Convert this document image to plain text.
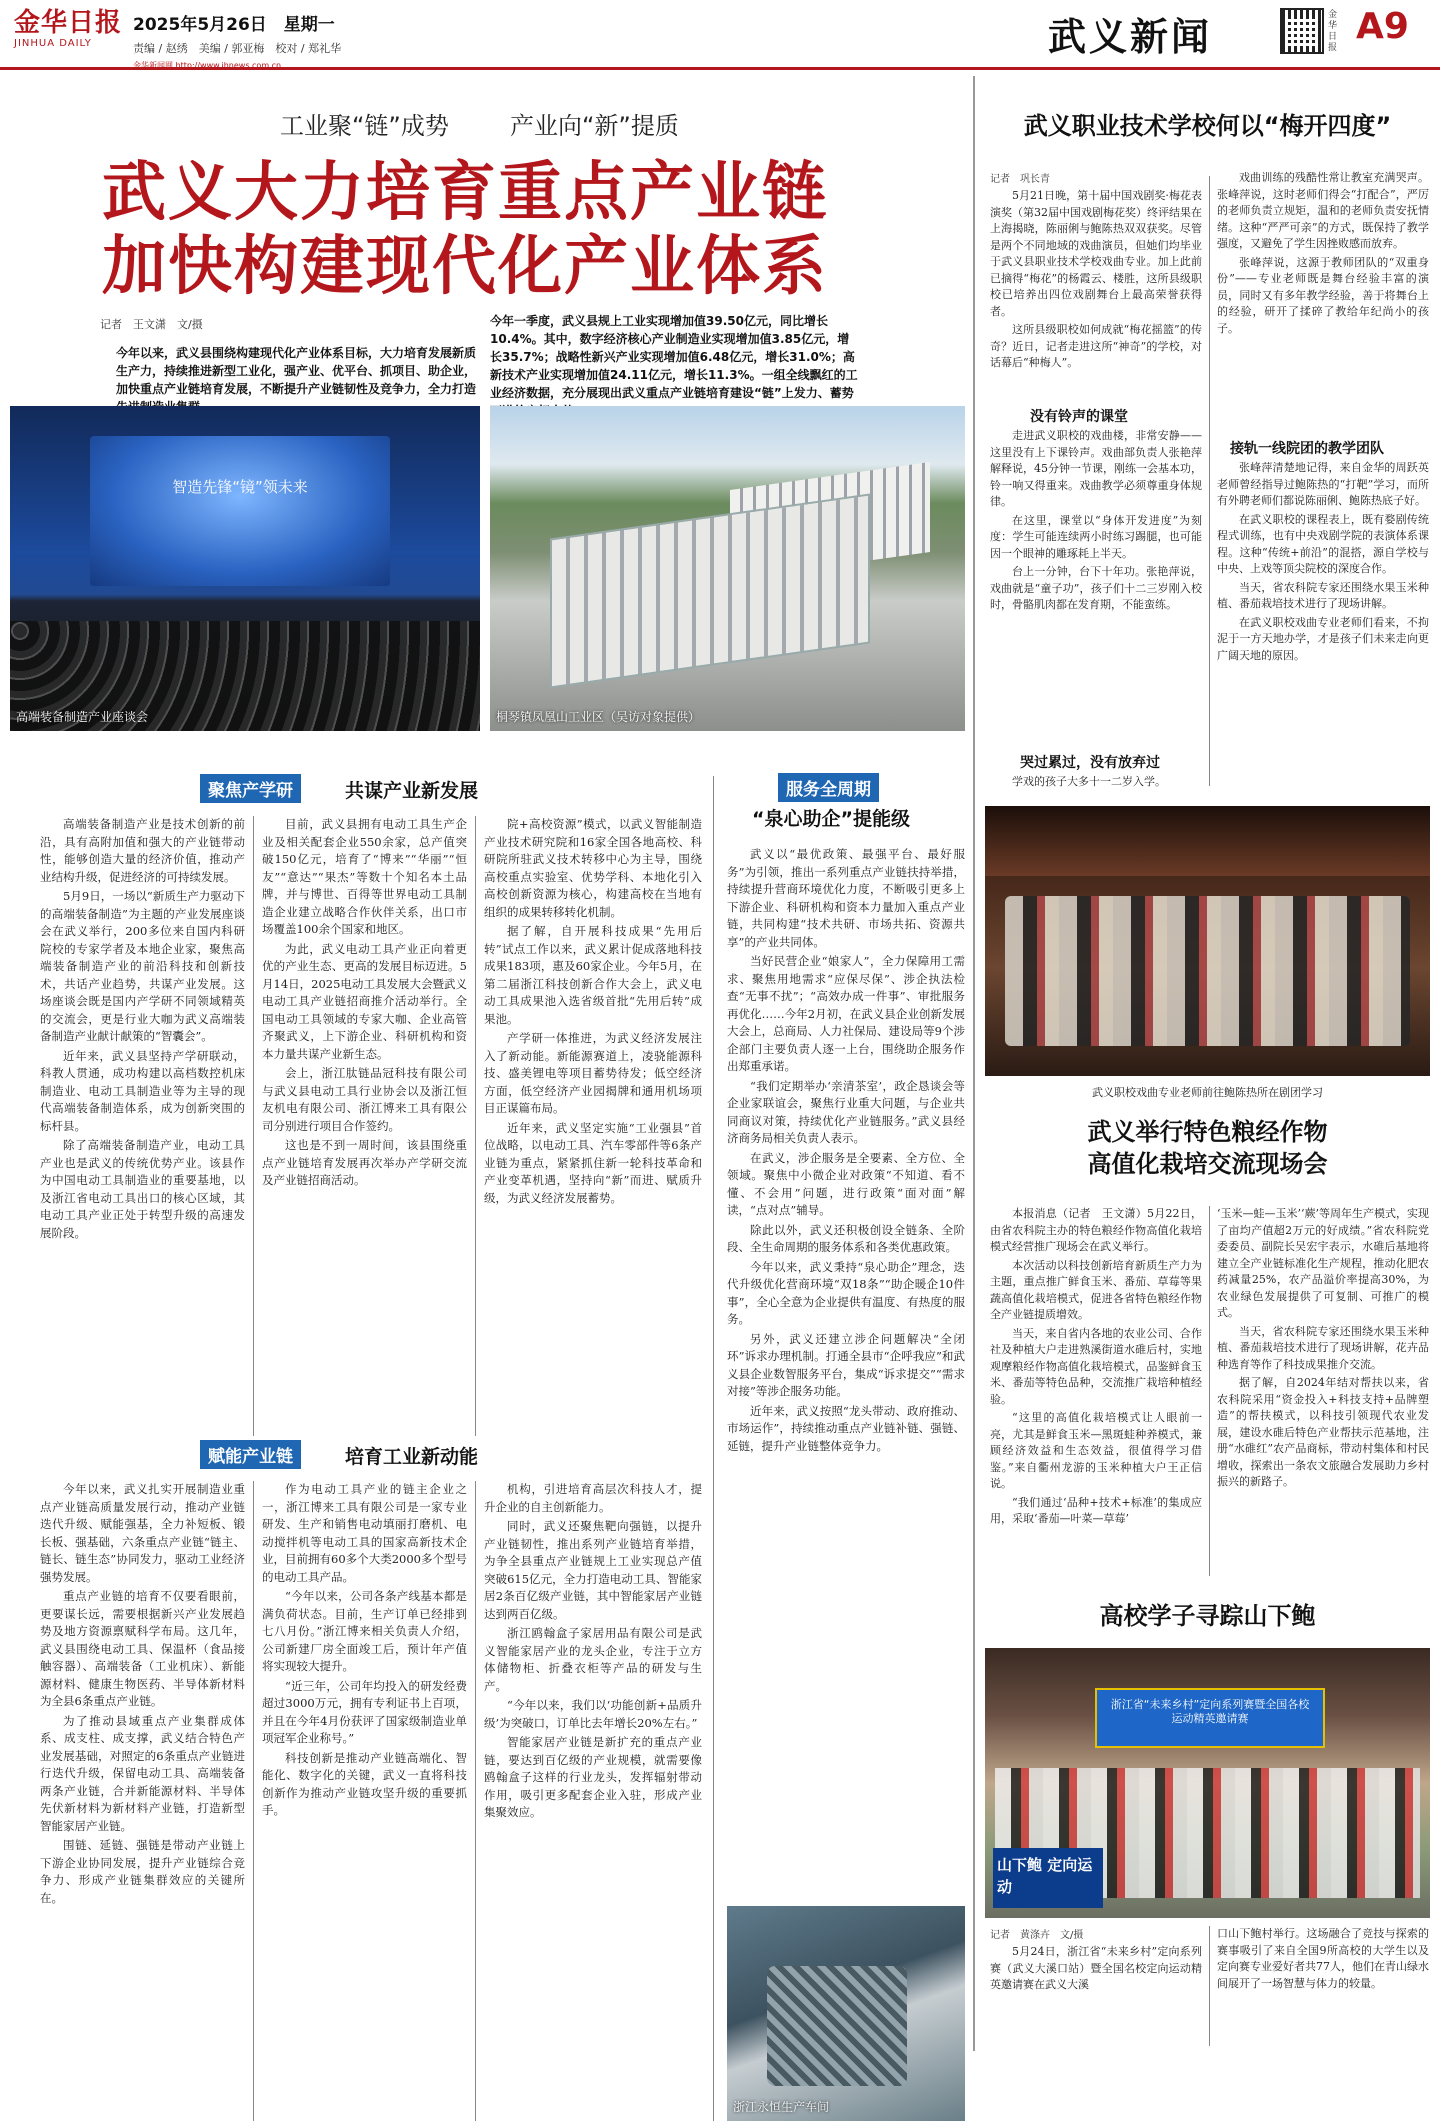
金华日报
JINHUA DAILY
2025年5月26日　星期一
责编 / 赵绣　美编 / 郭亚梅　校对 / 郑礼华
金华新闻网 http://www.jhnews.com.cn
武义新闻	金华日报
A9
工业聚“链”成势	产业向“新”提质
武义大力培育重点产业链
加快构建现代化产业体系
记者　王文潇　文/摄
今年以来，武义县围绕构建现代化产业体系目标，大力培育发展新质生产力，持续推进新型工业化，强产业、优平台、抓项目、助企业，加快重点产业链培育发展，不断提升产业链韧性及竞争力，全力打造
今年一季度，武义县规上工业实现增加值39.50亿元，同比增长10.4%。其中，数字经济核心产业制造业实现增加值3.85亿元，增长35.7%；战略性新兴产业实现增加值6.48亿元，增长31.0%；高新技术产业实现增加值24.11亿元，增长11.3%。一组全线飘红的工业经济数据，充分展现出武义重点产业链培育建设“链”上发力、蓄势
智造先锋“镜”领未来
高端装备制造产业座谈会	桐琴镇凤凰山工业区（吴访对象提供）
聚焦产学研	共谋产业新发展

高端装备制造产业是技术创新的前沿，具有高附加值和强大的产业链带动性，能够创造大量的经济价值，推动产业结构升级，促进经济的可持续发展。

5月9日，一场以“新质生产力驱动下的高端装备制造”为主题的产业发展座谈会在武义举行，200多位来自国内科研院校的专家学者及本地企业家，聚焦高端装备制造产业的前沿科技和创新技术，共话产业趋势，共谋产业发展。这场座谈会既是国内产学研不同领域精英的交流会，更是行业大咖为武义高端装备制造产业献计献策的“智囊会”。

近年来，武义县坚持产学研联动，科教人贯通，成功构建以高档数控机床制造业、电动工具制造业等为主导的现代高端装备制造体系，成为创新突围的标杆县。

除了高端装备制造产业，电动工具产业也是武义的传统优势产业。该县作为中国电动工具制造业的重要基地，以及浙江省电动工具出口的核心区域，其电动工具产业正处于转型升级的高速发展阶段。

目前，武义县拥有电动工具生产企业及相关配套企业550余家，总产值突破150亿元，培育了“博来”“华丽”“恒友”“意达”“果杰”等数十个知名本土品牌，并与博世、百得等世界电动工具制造企业建立战略合作伙伴关系，出口市场覆盖100余个国家和地区。

为此，武义电动工具产业正向着更优的产业生态、更高的发展目标迈进。5月14日，2025电动工具发展大会暨武义电动工具产业链招商推介活动举行。全国电动工具领域的专家大咖、企业高管齐聚武义，上下游企业、科研机构和资本力量共谋产业新生态。

会上，浙江肽链品冠科技有限公司与武义县电动工具行业协会以及浙江恒友机电有限公司、浙江博来工具有限公司分别进行项目合作签约。

这也是不到一周时间，该县围绕重点产业链培育发展再次举办产学研交流及产业链招商活动。

院+高校资源”模式，以武义智能制造产业技术研究院和16家全国各地高校、科研院所驻武义技术转移中心为主导，围绕高校重点实验室、优势学科、本地化引入高校创新资源为核心，构建高校在当地有组织的成果转移转化机制。

据了解，自开展科技成果“先用后转”试点工作以来，武义累计促成落地科技成果183项，惠及60家企业。今年5月，在第二届浙江科技创新合作大会上，武义电动工具成果池入选省级首批“先用后转”成果池。

产学研一体推进，为武义经济发展注入了新动能。新能源赛道上，凌骁能源科技、盛美锂电等项目蓄势待发；低空经济方面，低空经济产业园揭牌和通用机场项目正谋篇布局。

近年来，武义坚定实施“工业强县”首位战略，以电动工具、汽车零部件等6条产业链为重点，紧紧抓住新一轮科技革命和产业变革机遇，坚持向“新”而进、赋质升级，为武义经济发展蓄势。

服务全周期
“泉心助企”提能级

武义以“最优政策、最强平台、最好服务”为引领，推出一系列重点产业链扶持举措，持续提升营商环境优化力度，不断吸引更多上下游企业、科研机构和资本力量加入重点产业链，共同构建“技术共研、市场共拓、资源共享”的产业共同体。

当好民营企业“娘家人”，全力保障用工需求、聚焦用地需求“应保尽保”、涉企执法检查“无事不扰”；“高效办成一件事”、审批服务再优化……今年2月初，在武义县企业创新发展大会上，总商局、人力社保局、建设局等9个涉企部门主要负责人逐一上台，围绕助企服务作出郑重承诺。

“我们定期举办‘亲清茶室’，政企恳谈会等企业家联谊会，聚焦行业重大问题，与企业共同商议对策，持续优化产业链服务。”武义县经济商务局相关负责人表示。

在武义，涉企服务是全要素、全方位、全领域。聚焦中小微企业对政策“不知道、看不懂、不会用”问题，进行政策“面对面”解读，“点对点”辅导。

除此以外，武义还积极创设全链条、全阶段、全生命周期的服务体系和各类优惠政策。

今年以来，武义秉持“泉心助企”理念，迭代升级优化营商环境“双18条”“助企暖企10件事”，全心全意为企业提供有温度、有热度的服务。

另外，武义还建立涉企问题解决“全闭环”诉求办理机制。打通全县市“企呼我应”和武义县企业数智服务平台，集成“诉求提交”“需求对接”等涉企服务功能。

近年来，武义按照“龙头带动、政府推动、市场运作”，持续推动重点产业链补链、强链、延链，提升产业链整体竞争力。

浙江永恒生产车间
赋能产业链	培育工业新动能

今年以来，武义扎实开展制造业重点产业链高质量发展行动，推动产业链迭代升级、赋能强基，全力补短板、锻长板、强基础，六条重点产业链“链主、链长、链生态”协同发力，驱动工业经济强势发展。

重点产业链的培育不仅要看眼前，更要谋长远，需要根据新兴产业发展趋势及地方资源禀赋科学布局。这几年，武义县围绕电动工具、保温杯（食品接触容器）、高端装备（工业机床）、新能源材料、健康生物医药、半导体新材料为全县6条重点产业链。

为了推动县域重点产业集群成体系、成支柱、成支撑，武义结合特色产业发展基础，对照定的6条重点产业链进行迭代升级，保留电动工具、高端装备两条产业链，合并新能源材料、半导体先伏新材料为新材料产业链，打造新型智能家居产业链。

围链、延链、强链是带动产业链上下游企业协同发展，提升产业链综合竞争力、形成产业链集群效应的关键所在。

作为电动工具产业的链主企业之一，浙江博来工具有限公司是一家专业研发、生产和销售电动填丽打磨机、电动搅拌机等电动工具的国家高新技术企业，目前拥有60多个大类2000多个型号的电动工具产品。

“今年以来，公司各条产线基本都是满负荷状态。目前，生产订单已经排到七八月份。”浙江博来相关负责人介绍，公司新建厂房全面竣工后，预计年产值将实现较大提升。

“近三年，公司年均投入的研发经费超过3000万元，拥有专利证书上百项，并且在今年4月份获评了国家级制造业单项冠军企业称号。”

科技创新是推动产业链高端化、智能化、数字化的关键，武义一直将科技创新作为推动产业链攻坚升级的重要抓手。

机构，引进培育高层次科技人才，提升企业的自主创新能力。

同时，武义还聚焦靶向强链，以提升产业链韧性，推出系列产业链培育举措，为争全县重点产业链规上工业实现总产值突破615亿元，全力打造电动工具、智能家居2条百亿级产业链，其中智能家居产业链达到两百亿级。

浙江鸥翰盒子家居用品有限公司是武义智能家居产业的龙头企业，专注于立方体储物柜、折叠衣柜等产品的研发与生产。

“今年以来，我们以‘功能创新+品质升级’为突破口，订单比去年增长20%左右。”

智能家居产业链是新扩充的重点产业链，要达到百亿级的产业规模，就需要像鸥翰盒子这样的行业龙头，发挥辐射带动作用，吸引更多配套企业入驻，形成产业集聚效应。

武义职业技术学校何以“梅开四度”
记者　巩长青

5月21日晚，第十届中国戏剧奖·梅花表演奖（第32届中国戏剧梅花奖）终评结果在上海揭晓，陈丽俐与鲍陈热双双获奖。尽管是两个不同地域的戏曲演员，但她们均毕业于武义县职业技术学校戏曲专业。加上此前已摘得“梅花”的杨霞云、楼胜，这所县级职校已培养出四位戏剧舞台上最高荣誉获得者。

这所县级职校如何成就“梅花摇篮”的传奇？近日，记者走进这所“神奇”的学校，对话幕后“种梅人”。

没有铃声的课堂

走进武义职校的戏曲楼，非常安静——这里没有上下课铃声。戏曲部负责人张艳萍解释说，45分钟一节课，刚练一会基本功，铃一响又得重来。戏曲教学必须尊重身体规律。

在这里，课堂以“身体开发进度”为刻度：学生可能连续两小时练习踢腿，也可能因一个眼神的雕琢耗上半天。

台上一分钟，台下十年功。张艳萍说，戏曲就是“童子功”，孩子们十二三岁刚入校时，骨骼肌肉都在发育期，不能蛮练。

哭过累过，没有放弃过

学戏的孩子大多十一二岁入学。

戏曲训练的残酷性常让教室充满哭声。张峰萍说，这时老师们得会“打配合”，严厉的老师负责立规矩，温和的老师负责安抚情绪。这种“严严可亲”的方式，既保持了教学强度，又避免了学生因挫败感而放弃。

张峰萍说，这源于教师团队的“双重身份”——专业老师既是舞台经验丰富的演员，同时又有多年教学经验，善于将舞台上的经验，研开了揉碎了教给年纪尚小的孩子。

接轨一线院团的教学团队

张峰萍清楚地记得，来自金华的周跃英老师曾经指导过鲍陈热的“打靶”学习，而所有外聘老师们都说陈丽俐、鲍陈热底子好。

在武义职校的课程表上，既有婺剧传统程式训练，也有中央戏剧学院的表演体系课程。这种“传统+前沿”的混搭，源自学校与中央、上戏等顶尖院校的深度合作。

当天，省农科院专家还围绕水果玉米种植、番茄栽培技术进行了现场讲解。

在武义职校戏曲专业老师们看来，不拘泥于一方天地办学，才是孩子们未来走向更广阔天地的原因。

武义职校戏曲专业老师前往鲍陈热所在剧团学习
武义举行特色粮经作物
高值化栽培交流现场会

本报消息（记者　王文潇）5月22日，由省农科院主办的特色粮经作物高值化栽培模式经营推广现场会在武义举行。

本次活动以科技创新培育新质生产力为主题，重点推广鲜食玉米、番茄、草莓等果蔬高值化栽培模式，促进各省特色粮经作物全产业链提质增效。

当天，来自省内各地的农业公司、合作社及种植大户走进熟溪街道水碓后村，实地观摩粮经作物高值化栽培模式，品鉴鲜食玉米、番茄等特色品种，交流推广栽培种植经验。

“这里的高值化栽培模式让人眼前一亮，尤其是鲜食玉米—黑斑蛙种养模式，兼顾经济效益和生态效益，很值得学习借鉴。”来自衢州龙游的玉米种植大户王正信说。

“我们通过‘品种+技术+标准’的集成应用，采取‘番茄—叶菜—草莓’

‘玉米—蛙—玉米’‘蕨’等周年生产模式，实现了亩均产值超2万元的好成绩。”省农科院党委委员、副院长吴宏宇表示，水碓后基地将建立全产业链标准化生产规程，推动化肥农药减量25%，农产品溢价率提高30%，为农业绿色发展提供了可复制、可推广的模式。

当天，省农科院专家还围绕水果玉米种植、番茄栽培技术进行了现场讲解，花卉品种选育等作了科技成果推介交流。

据了解，自2024年结对帮扶以来，省农科院采用“资金投入+科技支持+品牌塑造”的帮扶模式，以科技引领现代农业发展，建设水碓后特色产业帮扶示范基地，注册“水碓红”农产品商标，带动村集体和村民增收，探索出一条农文旅融合发展助力乡村振兴的新路子。

高校学子寻踪山下鲍
浙江省“未来乡村”定向系列赛暨全国各校 运动精英邀请赛
山下鲍 定向运动
记者　黄涤卉　文/摄

5月24日，浙江省“未来乡村”定向系列赛（武义大溪口站）暨全国名校定向运动精英邀请赛在武义大溪

口山下鲍村举行。这场融合了竞技与探索的赛事吸引了来自全国9所高校的大学生以及定向赛专业爱好者共77人，他们在青山绿水间展开了一场智慧与体力的较量。
